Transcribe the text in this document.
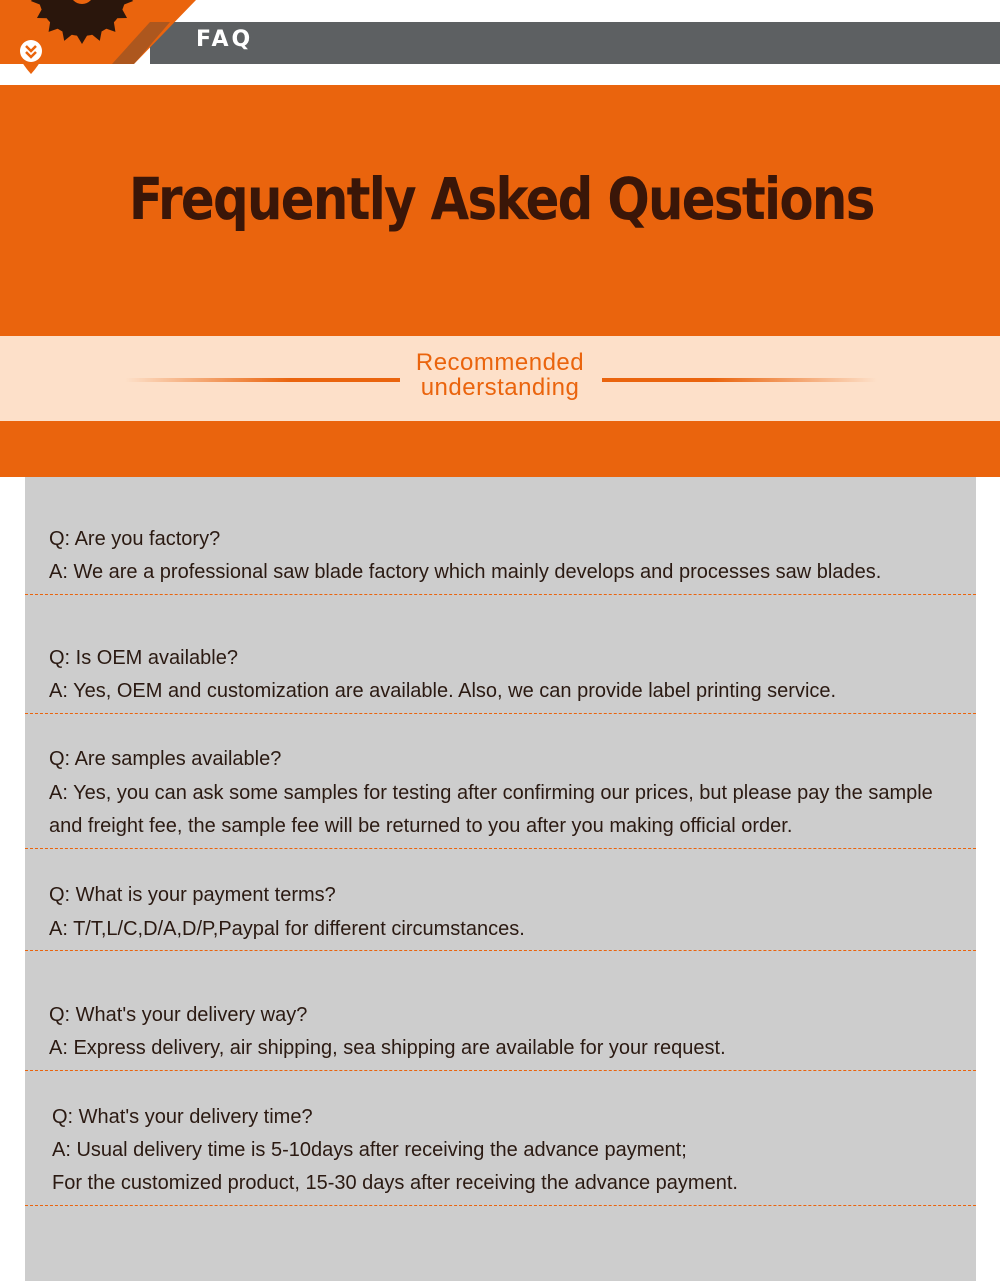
FAQ
Frequently Asked Questions
Recommended
understanding
Q: Are you factory?
A: We are a professional saw blade factory which mainly develops and processes saw blades.
Q: Is OEM available?
A: Yes, OEM and customization are available. Also, we can provide label printing service.
Q: Are samples available?
A: Yes, you can ask some samples for testing after confirming our prices, but please pay the sample and freight fee, the sample fee will be returned to you after you making official order.
Q: What is your payment terms?
A: T/T,L/C,D/A,D/P,Paypal for different circumstances.
Q: What's your delivery way?
A: Express delivery, air shipping, sea shipping are available for your request.
Q: What's your delivery time?
A: Usual delivery time is 5-10days after receiving the advance payment;
For the customized product, 15-30 days after receiving the advance payment.
